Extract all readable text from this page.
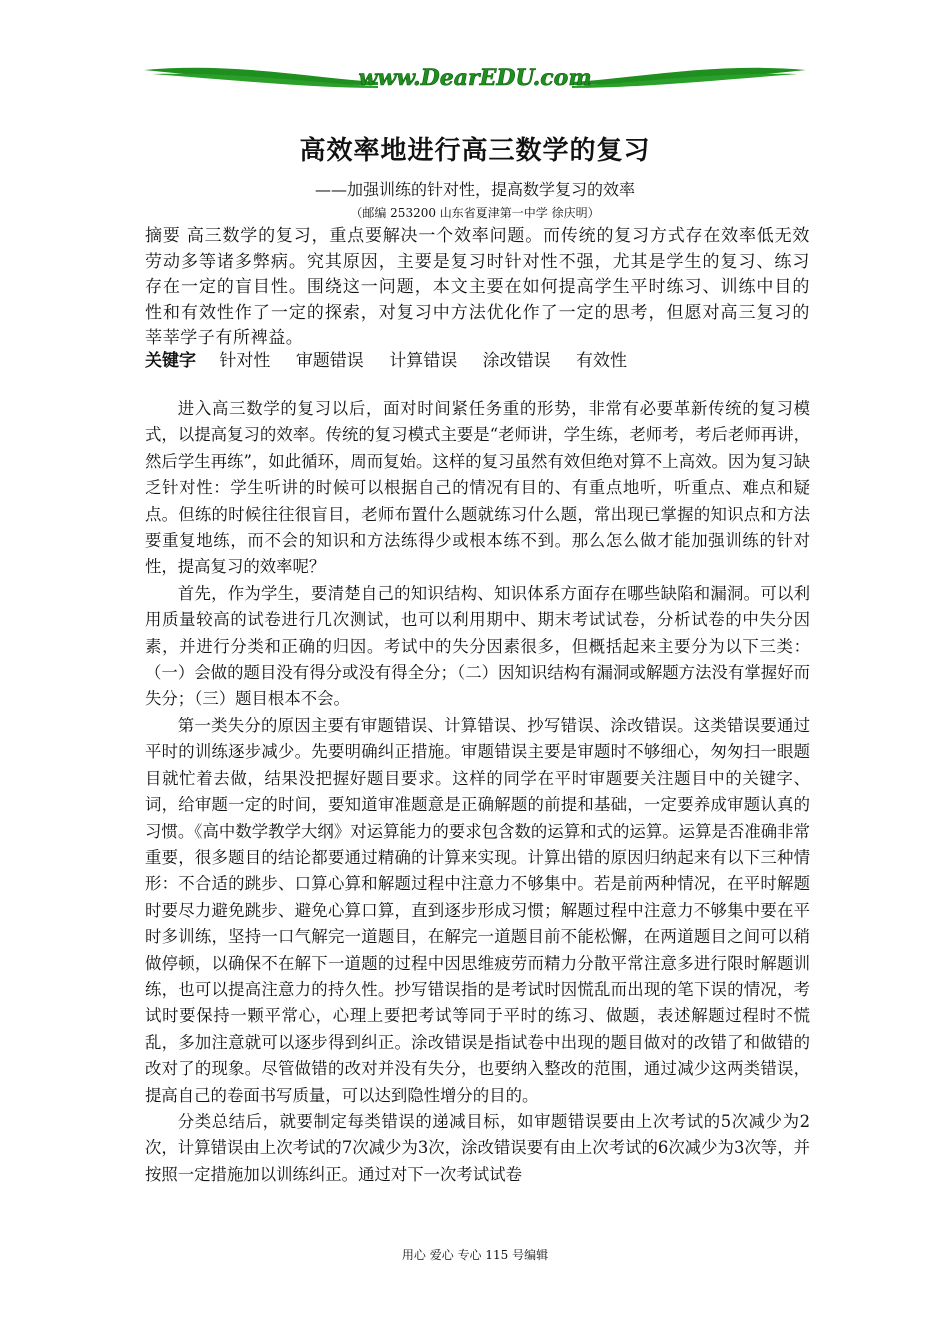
www.DearEDU.com
高效率地进行高三数学的复习
——加强训练的针对性，提高数学复习的效率
（邮编 253200 山东省夏津第一中学 徐庆明）
摘要 高三数学的复习，重点要解决一个效率问题。而传统的复习方式存在效率低无效劳动多等诸多弊病。究其原因，主要是复习时针对性不强，尤其是学生的复习、练习存在一定的盲目性。围绕这一问题，本文主要在如何提高学生平时练习、训练中目的性和有效性作了一定的探索，对复习中方法优化作了一定的思考，但愿对高三复习的莘莘学子有所裨益。
关键字 针对性 审题错误 计算错误 涂改错误 有效性

进入高三数学的复习以后，面对时间紧任务重的形势，非常有必要革新传统的复习模式，以提高复习的效率。传统的复习模式主要是“老师讲，学生练，老师考，考后老师再讲，然后学生再练”，如此循环，周而复始。这样的复习虽然有效但绝对算不上高效。因为复习缺乏针对性：学生听讲的时候可以根据自己的情况有目的、有重点地听，听重点、难点和疑点。但练的时候往往很盲目，老师布置什么题就练习什么题，常出现已掌握的知识点和方法要重复地练，而不会的知识和方法练得少或根本练不到。那么怎么做才能加强训练的针对性，提高复习的效率呢？

首先，作为学生，要清楚自己的知识结构、知识体系方面存在哪些缺陷和漏洞。可以利用质量较高的试卷进行几次测试，也可以利用期中、期末考试试卷，分析试卷的中失分因素，并进行分类和正确的归因。考试中的失分因素很多，但概括起来主要分为以下三类：（一）会做的题目没有得分或没有得全分；（二）因知识结构有漏洞或解题方法没有掌握好而失分；（三）题目根本不会。

第一类失分的原因主要有审题错误、计算错误、抄写错误、涂改错误。这类错误要通过平时的训练逐步减少。先要明确纠正措施。审题错误主要是审题时不够细心，匆匆扫一眼题目就忙着去做，结果没把握好题目要求。这样的同学在平时审题要关注题目中的关键字、词，给审题一定的时间，要知道审准题意是正确解题的前提和基础，一定要养成审题认真的习惯。《高中数学教学大纲》对运算能力的要求包含数的运算和式的运算。运算是否准确非常重要，很多题目的结论都要通过精确的计算来实现。计算出错的原因归纳起来有以下三种情形：不合适的跳步、口算心算和解题过程中注意力不够集中。若是前两种情况，在平时解题时要尽力避免跳步、避免心算口算，直到逐步形成习惯；解题过程中注意力不够集中要在平时多训练，坚持一口气解完一道题目，在解完一道题目前不能松懈，在两道题目之间可以稍做停顿，以确保不在解下一道题的过程中因思维疲劳而精力分散平常注意多进行限时解题训练，也可以提高注意力的持久性。抄写错误指的是考试时因慌乱而出现的笔下误的情况，考试时要保持一颗平常心，心理上要把考试等同于平时的练习、做题，表述解题过程时不慌乱，多加注意就可以逐步得到纠正。涂改错误是指试卷中出现的题目做对的改错了和做错的改对了的现象。尽管做错的改对并没有失分，也要纳入整改的范围，通过减少这两类错误，提高自己的卷面书写质量，可以达到隐性增分的目的。

分类总结后，就要制定每类错误的递减目标，如审题错误要由上次考试的5次减少为2次，计算错误由上次考试的7次减少为3次，涂改错误要有由上次考试的6次减少为3次等，并按照一定措施加以训练纠正。通过对下一次考试试卷

用心 爱心 专心 115 号编辑
